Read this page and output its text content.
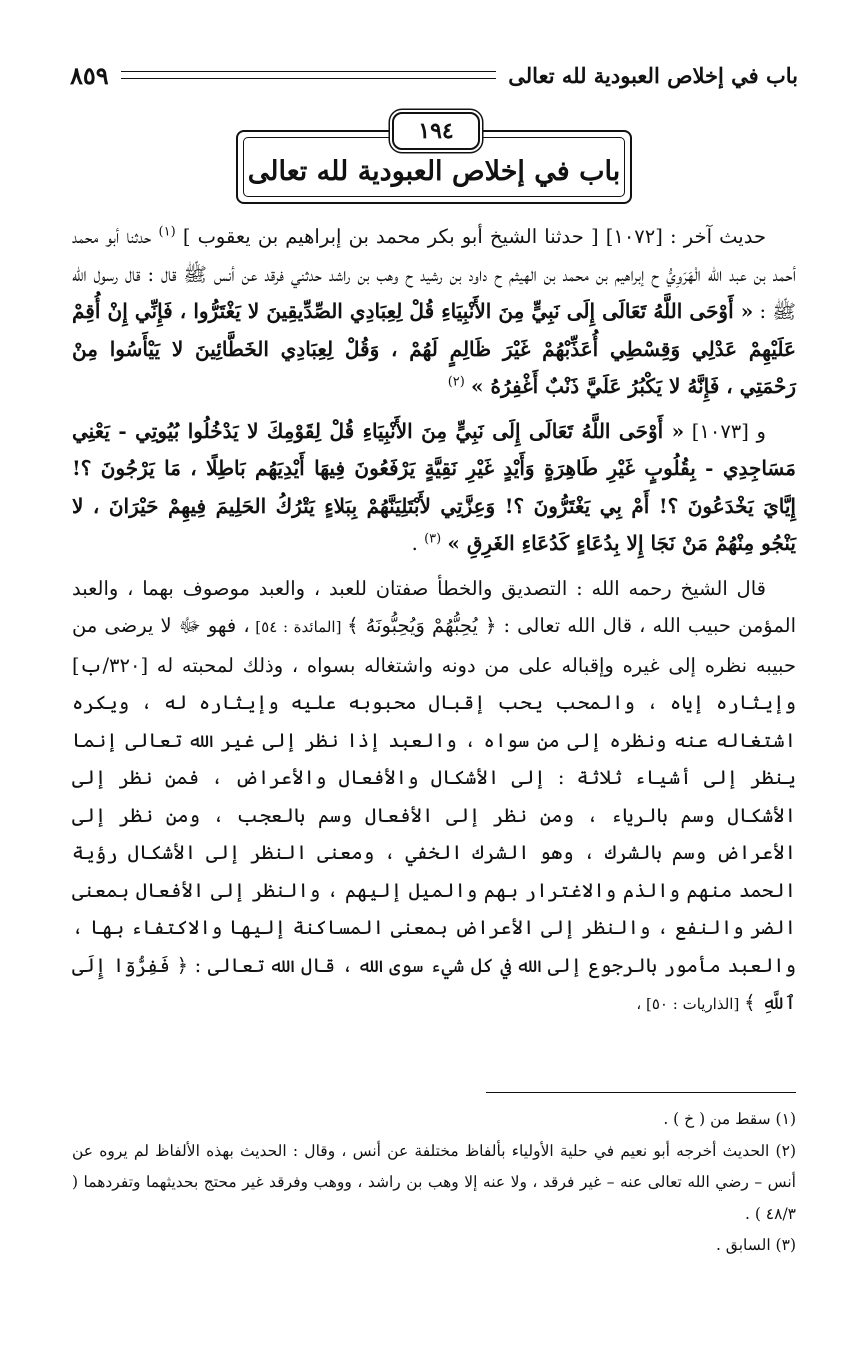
باب في إخلاص العبودية لله تعالى
٨٥٩
١٩٤
باب في إخلاص العبودية لله تعالى

حديث آخر : [١٠٧٢] [ حدثنا الشيخ أبو بكر محمد بن إبراهيم بن يعقوب ] $^{(١)}$ حدثنا أبو محمد أحمد بن عبد الله الْهَرَوِيُّ ح إبراهيم بن محمد بن الهيثم ح داود بن رشيد ح وهب بن راشد حدثني فرقد عن أنس ﷺ قال : قال رسول الله ﷺ : « أَوْحَى اللَّهُ تَعَالَى إِلَى نَبِيٍّ مِنَ الأَنْبِيَاءِ قُلْ لِعِبَادِي الصِّدِّيقِينَ لا يَغْتَرُّوا ، فَإِنِّي إِنْ أُقِمْ عَلَيْهِمْ عَدْلِي وَقِسْطِي أُعَذِّبْهُمْ غَيْرَ ظَالِمٍ لَهُمْ ، وَقُلْ لِعِبَادِي الخَطَّائِينَ لا يَيْأَسُوا مِنْ رَحْمَتِي ، فَإِنَّهُ لا يَكْبُرُ عَلَيَّ ذَنْبٌ أَغْفِرُهُ » $^{(٢)}$

و [١٠٧٣] « أَوْحَى اللَّهُ تَعَالَى إِلَى نَبِيٍّ مِنَ الأَنْبِيَاءِ قُلْ لِقَوْمِكَ لا يَدْخُلُوا بُيُوتِي - يَعْنِي مَسَاجِدِي - بِقُلُوبٍ غَيْرِ طَاهِرَةٍ وَأَيْدٍ غَيْرِ نَقِيَّةٍ يَرْفَعُونَ فِيهَا أَيْدِيَهُم بَاطِلًا ، مَا يَرْجُونَ ؟! إِيَّايَ يَخْدَعُونَ ؟! أَمْ بِي يَغْتَرُّونَ ؟! وَعِزَّتِي لأَبْتَلِيَنَّهُمْ بِبَلاءٍ يَتْرُكُ الحَلِيمَ فِيهِمْ حَيْرَانَ ، لا يَنْجُو مِنْهُمْ مَنْ نَجَا إِلا بِدُعَاءٍ كَدُعَاءِ الغَرِقِ » $^{(٣)}$ .

قال الشيخ رحمه الله : التصديق والخطأ صفتان للعبد ، والعبد موصوف بهما ، والعبد المؤمن حبيب الله ، قال الله تعالى : ﴿ يُحِبُّهُمْ وَيُحِبُّونَهُ ﴾ [المائدة : ٥٤] ، فهو ﷻ لا يرضى من حبيبه نظره إلى غيره وإقباله على من دونه واشتغاله بسواه ، وذلك لمحبته له [٣٢٠/ب] وإيثاره إياه ، والمحب يحب إقبال محبوبه عليه وإيثاره له ، ويكره اشتغاله عنه ونظره إلى من سواه ، والعبد إذا نظر إلى غير الله تعالى إنما ينظر إلى أشياء ثلاثة : إلى الأشكال والأفعال والأعراض ، فمن نظر إلى الأشكال وسم بالرياء ، ومن نظر إلى الأفعال وسم بالعجب ، ومن نظر إلى الأعراض وسم بالشرك ، وهو الشرك الخفي ، ومعنى النظر إلى الأشكال رؤية الحمد منهم والذم والاغترار بهم والميل إليهم ، والنظر إلى الأفعال بمعنى الضر والنفع ، والنظر إلى الأعراض بمعنى المساكنة إليها والاكتفاء بها ، والعبد مأمور بالرجوع إلى الله في كل شيء سوى الله ، قال الله تعالى : ﴿ فَفِرُّوٓا إِلَى ٱللَّهِ ﴾ [الذاريات : ٥٠] ،

(١) سقط من ( خ ) .

(٢) الحديث أخرجه أبو نعيم في حلية الأولياء بألفاظ مختلفة عن أنس ، وقال : الحديث بهذه الألفاظ لم يروه عن أنس – رضي الله تعالى عنه – غير فرقد ، ولا عنه إلا وهب بن راشد ، ووهب وفرقد غير محتج بحديثهما وتفردهما ( ٤٨/٣ ) .

(٣) السابق .
